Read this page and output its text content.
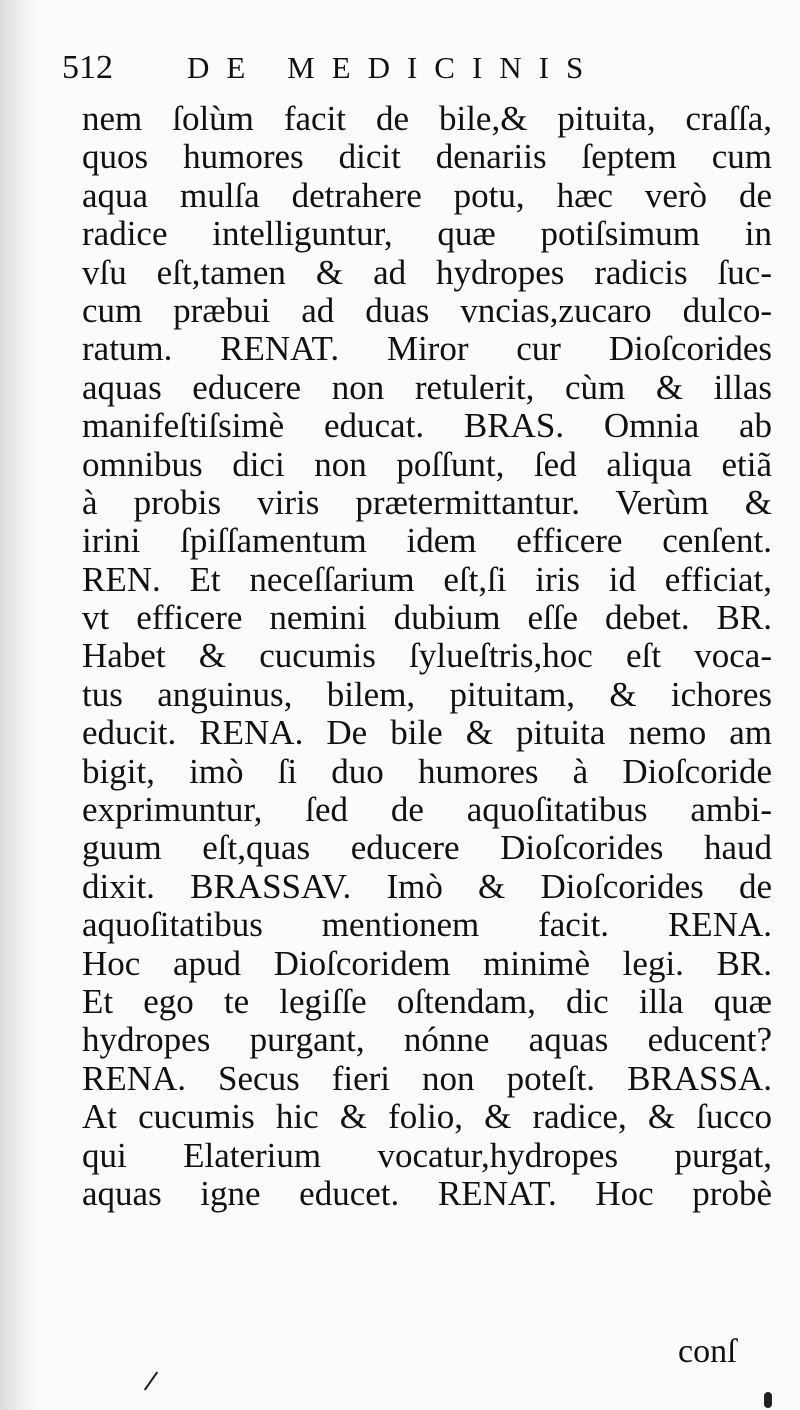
512 DE MEDICINIS
nem ſolùm facit de bile,& pituita, craſſa,
quos humores dicit denariis ſeptem cum
aqua mulſa detrahere potu, hæc verò de
radice intelliguntur, quæ potiſsimum in
vſu eſt,tamen & ad hydropes radicis ſuc-
cum præbui ad duas vncias,zucaro dulco-
ratum. RENAT. Miror cur Dioſcorides
aquas educere non retulerit, cùm & illas
manifeſtiſsimè educat. BRAS. Omnia ab
omnibus dici non poſſunt, ſed aliqua etiã
à probis viris prætermittantur. Verùm &
irini ſpiſſamentum idem efficere cenſent.
REN. Et neceſſarium eſt,ſi iris id efficiat,
vt efficere nemini dubium eſſe debet. BR.
Habet & cucumis ſylueſtris,hoc eſt voca-
tus anguinus, bilem, pituitam, & ichores
educit. RENA. De bile & pituita nemo am
bigit, imò ſi duo humores à Dioſcoride
exprimuntur, ſed de aquoſitatibus ambi-
guum eſt,quas educere Dioſcorides haud
dixit. BRASSAV. Imò & Dioſcorides de
aquoſitatibus mentionem facit. RENA.
Hoc apud Dioſcoridem minimè legi. BR.
Et ego te legiſſe oſtendam, dic illa quæ
hydropes purgant, nónne aquas educent?
RENA. Secus fieri non poteſt. BRASSA.
At cucumis hic & folio, & radice, & ſucco
qui Elaterium vocatur,hydropes purgat,
aquas igne educet. RENAT. Hoc probè
conſ
